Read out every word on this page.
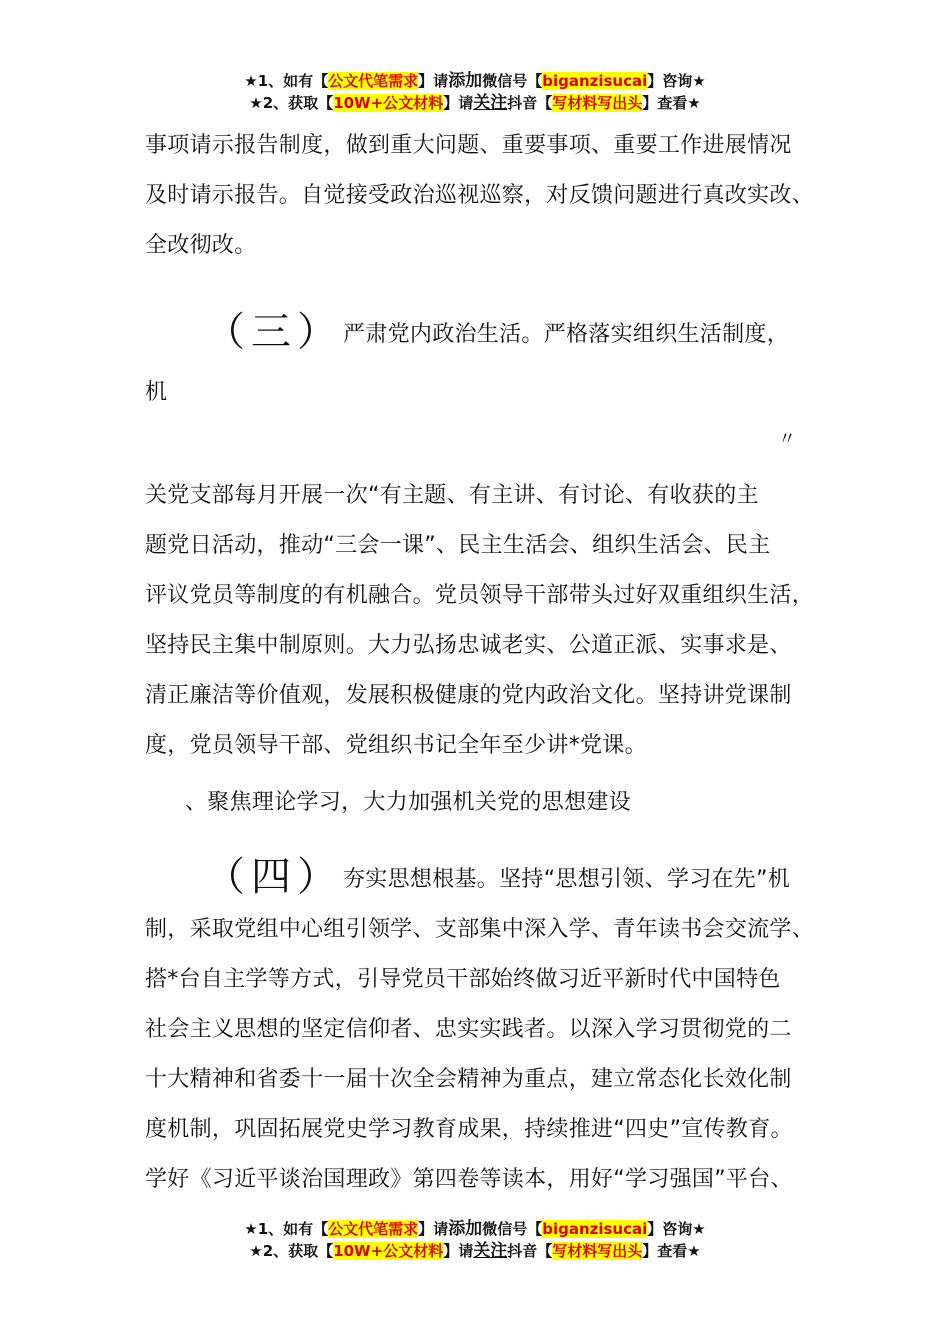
★1、如有【公文代笔需求】请添加微信号【biganzisucai】咨询★
★2、获取【10W+公文材料】请关注抖音【写材料写出头】查看★
事项请示报告制度，做到重大问题、重要事项、重要工作进展情况
及时请示报告。自觉接受政治巡视巡察，对反馈问题进行真改实改、
全改彻改。
（三）严肃党内政治生活。严格落实组织生活制度，
机
〃
关党支部每月开展一次“有主题、有主讲、有讨论、有收获的主
题党日活动，推动“三会一课”、民主生活会、组织生活会、民主
评议党员等制度的有机融合。党员领导干部带头过好双重组织生活，
坚持民主集中制原则。大力弘扬忠诚老实、公道正派、实事求是、
清正廉洁等价值观，发展积极健康的党内政治文化。坚持讲党课制
度，党员领导干部、党组织书记全年至少讲*党课。
、聚焦理论学习，大力加强机关党的思想建设
（四）夯实思想根基。坚持“思想引领、学习在先”机
制，采取党组中心组引领学、支部集中深入学、青年读书会交流学、
搭*台自主学等方式，引导党员干部始终做习近平新时代中国特色
社会主义思想的坚定信仰者、忠实实践者。以深入学习贯彻党的二
十大精神和省委十一届十次全会精神为重点，建立常态化长效化制
度机制，巩固拓展党史学习教育成果，持续推进“四史”宣传教育。
学好《习近平谈治国理政》第四卷等读本，用好“学习强国”平台、
★1、如有【公文代笔需求】请添加微信号【biganzisucai】咨询★
★2、获取【10W+公文材料】请关注抖音【写材料写出头】查看★
